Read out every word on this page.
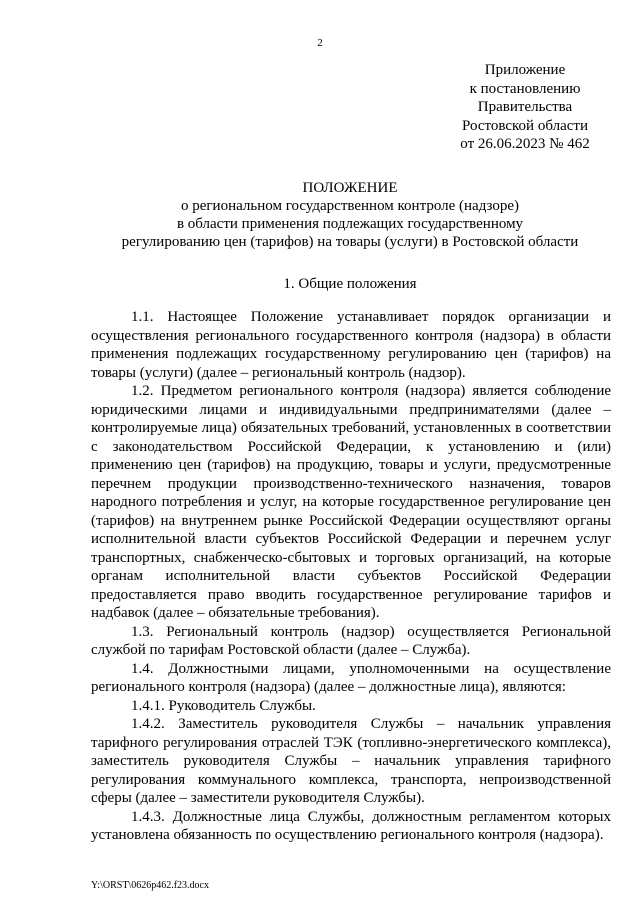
2
Приложение
к постановлению
Правительства
Ростовской области
от 26.06.2023 № 462
ПОЛОЖЕНИЕ
о региональном государственном контроле (надзоре)
в области применения подлежащих государственному
регулированию цен (тарифов) на товары (услуги) в Ростовской области
1. Общие положения

1.1. Настоящее Положение устанавливает порядок организации и осуществления регионального государственного контроля (надзора) в области применения подлежащих государственному регулированию цен (тарифов) на товары (услуги) (далее – региональный контроль (надзор).

1.2. Предметом регионального контроля (надзора) является соблюдение юридическими лицами и индивидуальными предпринимателями (далее – контролируемые лица) обязательных требований, установленных в соответствии с законодательством Российской Федерации, к установлению и (или) применению цен (тарифов) на продукцию, товары и услуги, предусмотренные перечнем продукции производственно-технического назначения, товаров народного потребления и услуг, на которые государственное регулирование цен (тарифов) на внутреннем рынке Российской Федерации осуществляют органы исполнительной власти субъектов Российской Федерации и перечнем услуг транспортных, снабженческо-сбытовых и торговых организаций, на которые органам исполнительной власти субъектов Российской Федерации предоставляется право вводить государственное регулирование тарифов и надбавок (далее – обязательные требования).

1.3. Региональный контроль (надзор) осуществляется Региональной службой по тарифам Ростовской области (далее – Служба).

1.4. Должностными лицами, уполномоченными на осуществление регионального контроля (надзора) (далее – должностные лица), являются:

1.4.1. Руководитель Службы.

1.4.2. Заместитель руководителя Службы – начальник управления тарифного регулирования отраслей ТЭК (топливно-энергетического комплекса), заместитель руководителя Службы – начальник управления тарифного регулирования коммунального комплекса, транспорта, непроизводственной сферы (далее – заместители руководителя Службы).

1.4.3. Должностные лица Службы, должностным регламентом которых установлена обязанность по осуществлению регионального контроля (надзора).

Y:\ORST\0626p462.f23.docx
